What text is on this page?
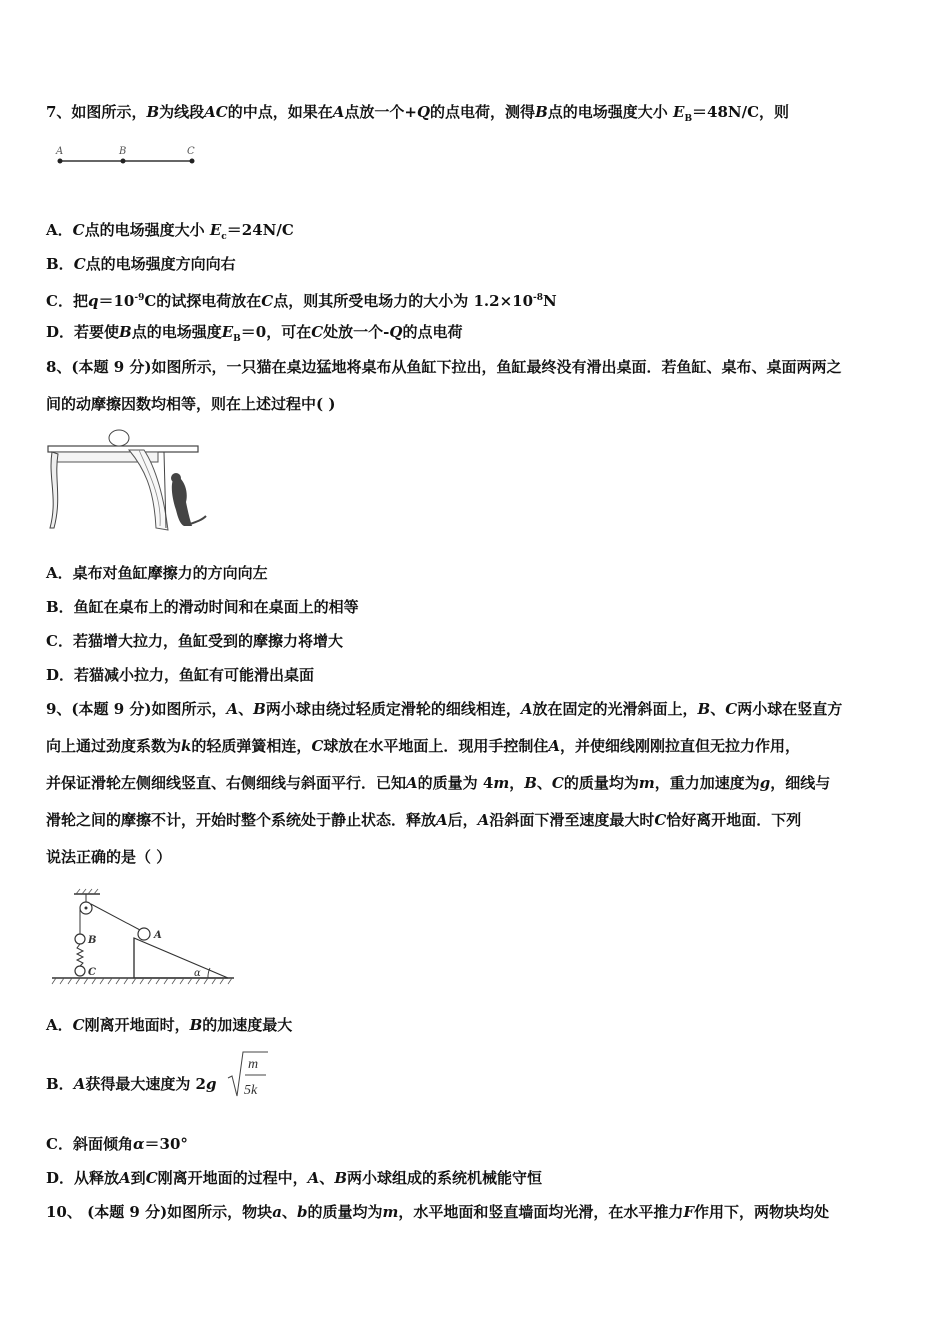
7、如图所示，B为线段AC的中点，如果在A点放一个+Q的点电荷，测得B点的电场强度大小 $E_B=48N/C$，则
A	B	C
A．C点的电场强度大小 $E_c=24N/C$
B．C点的电场强度方向向右
C．把$q=10^{-9}C$的试探电荷放在C点，则其所受电场力的大小为 $1.2\times 10^{-8}N$
D．若要使B点的电场强度$E_B=0$，可在C处放一个-Q的点电荷
8、(本题 9 分)如图所示，一只猫在桌边猛地将桌布从鱼缸下拉出，鱼缸最终没有滑出桌面．若鱼缸、桌布、桌面两两之
间的动摩擦因数均相等，则在上述过程中( )
A．桌布对鱼缸摩擦力的方向向左
B．鱼缸在桌布上的滑动时间和在桌面上的相等
C．若猫增大拉力，鱼缸受到的摩擦力将增大
D．若猫减小拉力，鱼缸有可能滑出桌面
9、(本题 9 分)如图所示，A、B两小球由绕过轻质定滑轮的细线相连，A放在固定的光滑斜面上，B、C两小球在竖直方
向上通过劲度系数为k的轻质弹簧相连，C球放在水平地面上．现用手控制住A，并使细线刚刚拉直但无拉力作用，
并保证滑轮左侧细线竖直、右侧细线与斜面平行．已知A的质量为 4m，B、C的质量均为m，重力加速度为g，细线与
滑轮之间的摩擦不计，开始时整个系统处于静止状态．释放A后，A沿斜面下滑至速度最大时C恰好离开地面．下列
说法正确的是（ ）
B
C
A
α
A．C刚离开地面时，B的加速度最大
B．A获得最大速度为 2g
m
5k
C．斜面倾角α＝30°
D．从释放A到C刚离开地面的过程中，A、B两小球组成的系统机械能守恒
10、 (本题 9 分)如图所示，物块a、b的质量均为m，水平地面和竖直墙面均光滑，在水平推力F作用下，两物块均处
